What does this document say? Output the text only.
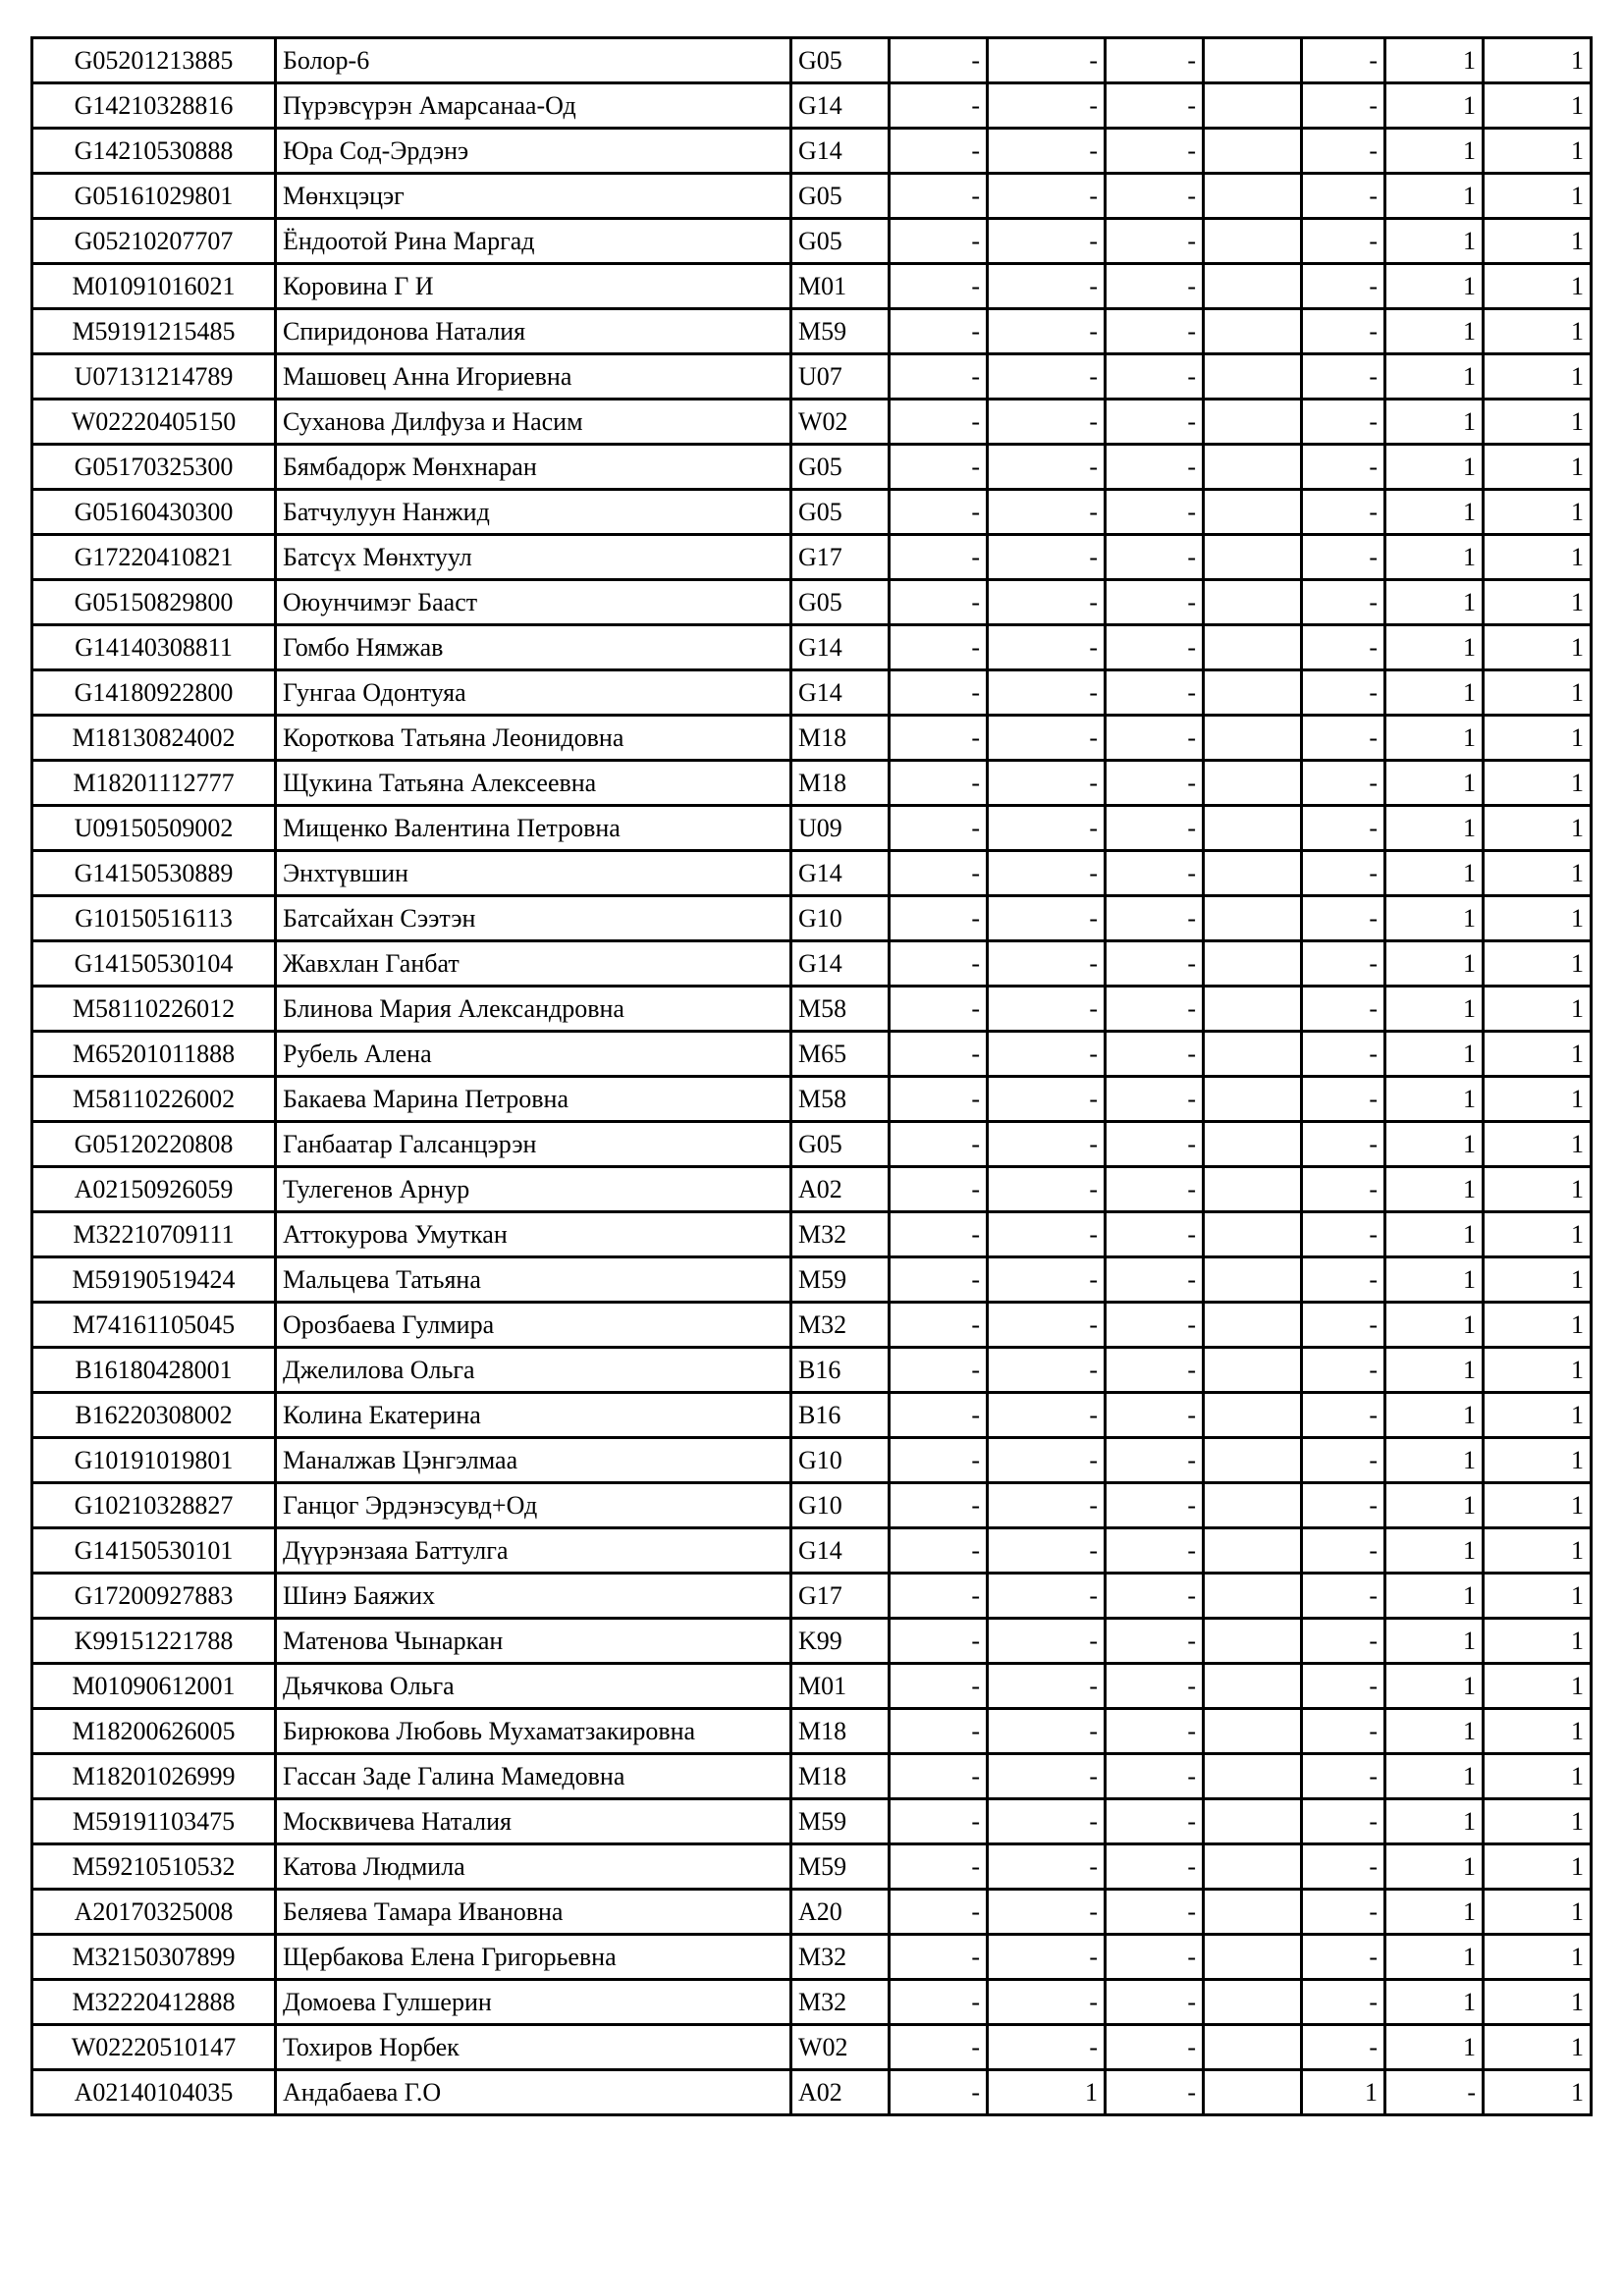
G05201213885	Болор-6	G05	-	-	-		-	1	1
G14210328816	Пүрэвсүрэн Амарсанаа-Од	G14	-	-	-		-	1	1
G14210530888	Юра Сод-Эрдэнэ	G14	-	-	-		-	1	1
G05161029801	Мөнхцэцэг	G05	-	-	-		-	1	1
G05210207707	Ёндоотой Рина Маргад	G05	-	-	-		-	1	1
M01091016021	Коровина Г И	M01	-	-	-		-	1	1
M59191215485	Спиридонова Наталия	M59	-	-	-		-	1	1
U07131214789	Машовец Анна Игориевна	U07	-	-	-		-	1	1
W02220405150	Суханова Дилфуза и Насим	W02	-	-	-		-	1	1
G05170325300	Бямбадорж Мөнхнаран	G05	-	-	-		-	1	1
G05160430300	Батчулуун Нанжид	G05	-	-	-		-	1	1
G17220410821	Батсүх Мөнхтуул	G17	-	-	-		-	1	1
G05150829800	Оюунчимэг Бааст	G05	-	-	-		-	1	1
G14140308811	Гомбо Нямжав	G14	-	-	-		-	1	1
G14180922800	Гунгаа Одонтуяа	G14	-	-	-		-	1	1
M18130824002	Короткова Татьяна Леонидовна	M18	-	-	-		-	1	1
M18201112777	Щукина Татьяна Алексеевна	M18	-	-	-		-	1	1
U09150509002	Мищенко Валентина Петровна	U09	-	-	-		-	1	1
G14150530889	Энхтүвшин	G14	-	-	-		-	1	1
G10150516113	Батсайхан Сээтэн	G10	-	-	-		-	1	1
G14150530104	Жавхлан Ганбат	G14	-	-	-		-	1	1
M58110226012	Блинова Мария Александровна	M58	-	-	-		-	1	1
M65201011888	Рубель Алена	M65	-	-	-		-	1	1
M58110226002	Бакаева Марина Петровна	M58	-	-	-		-	1	1
G05120220808	Ганбаатар Галсанцэрэн	G05	-	-	-		-	1	1
A02150926059	Тулегенов Арнур	A02	-	-	-		-	1	1
M32210709111	Аттокурова Умуткан	M32	-	-	-		-	1	1
M59190519424	Мальцева Татьяна	M59	-	-	-		-	1	1
M74161105045	Орозбаева Гулмира	M32	-	-	-		-	1	1
B16180428001	Джелилова Ольга	B16	-	-	-		-	1	1
B16220308002	Колина Екатерина	B16	-	-	-		-	1	1
G10191019801	Маналжав Цэнгэлмаа	G10	-	-	-		-	1	1
G10210328827	Ганцог Эрдэнэсувд+Од	G10	-	-	-		-	1	1
G14150530101	Дүүрэнзаяа Баттулга	G14	-	-	-		-	1	1
G17200927883	Шинэ Баяжих	G17	-	-	-		-	1	1
K99151221788	Матенова Чынаркан	K99	-	-	-		-	1	1
M01090612001	Дьячкова Ольга	M01	-	-	-		-	1	1
M18200626005	Бирюкова Любовь Мухаматзакировна	M18	-	-	-		-	1	1
M18201026999	Гассан Заде Галина Мамедовна	M18	-	-	-		-	1	1
M59191103475	Москвичева Наталия	M59	-	-	-		-	1	1
M59210510532	Катова Людмила	M59	-	-	-		-	1	1
A20170325008	Беляева Тамара Ивановна	A20	-	-	-		-	1	1
M32150307899	Щербакова Елена Григорьевна	M32	-	-	-		-	1	1
M32220412888	Домоева Гулшерин	M32	-	-	-		-	1	1
W02220510147	Тохиров Норбек	W02	-	-	-		-	1	1
A02140104035	Андабаева Г.О	A02	-	1	-		1	-	1
